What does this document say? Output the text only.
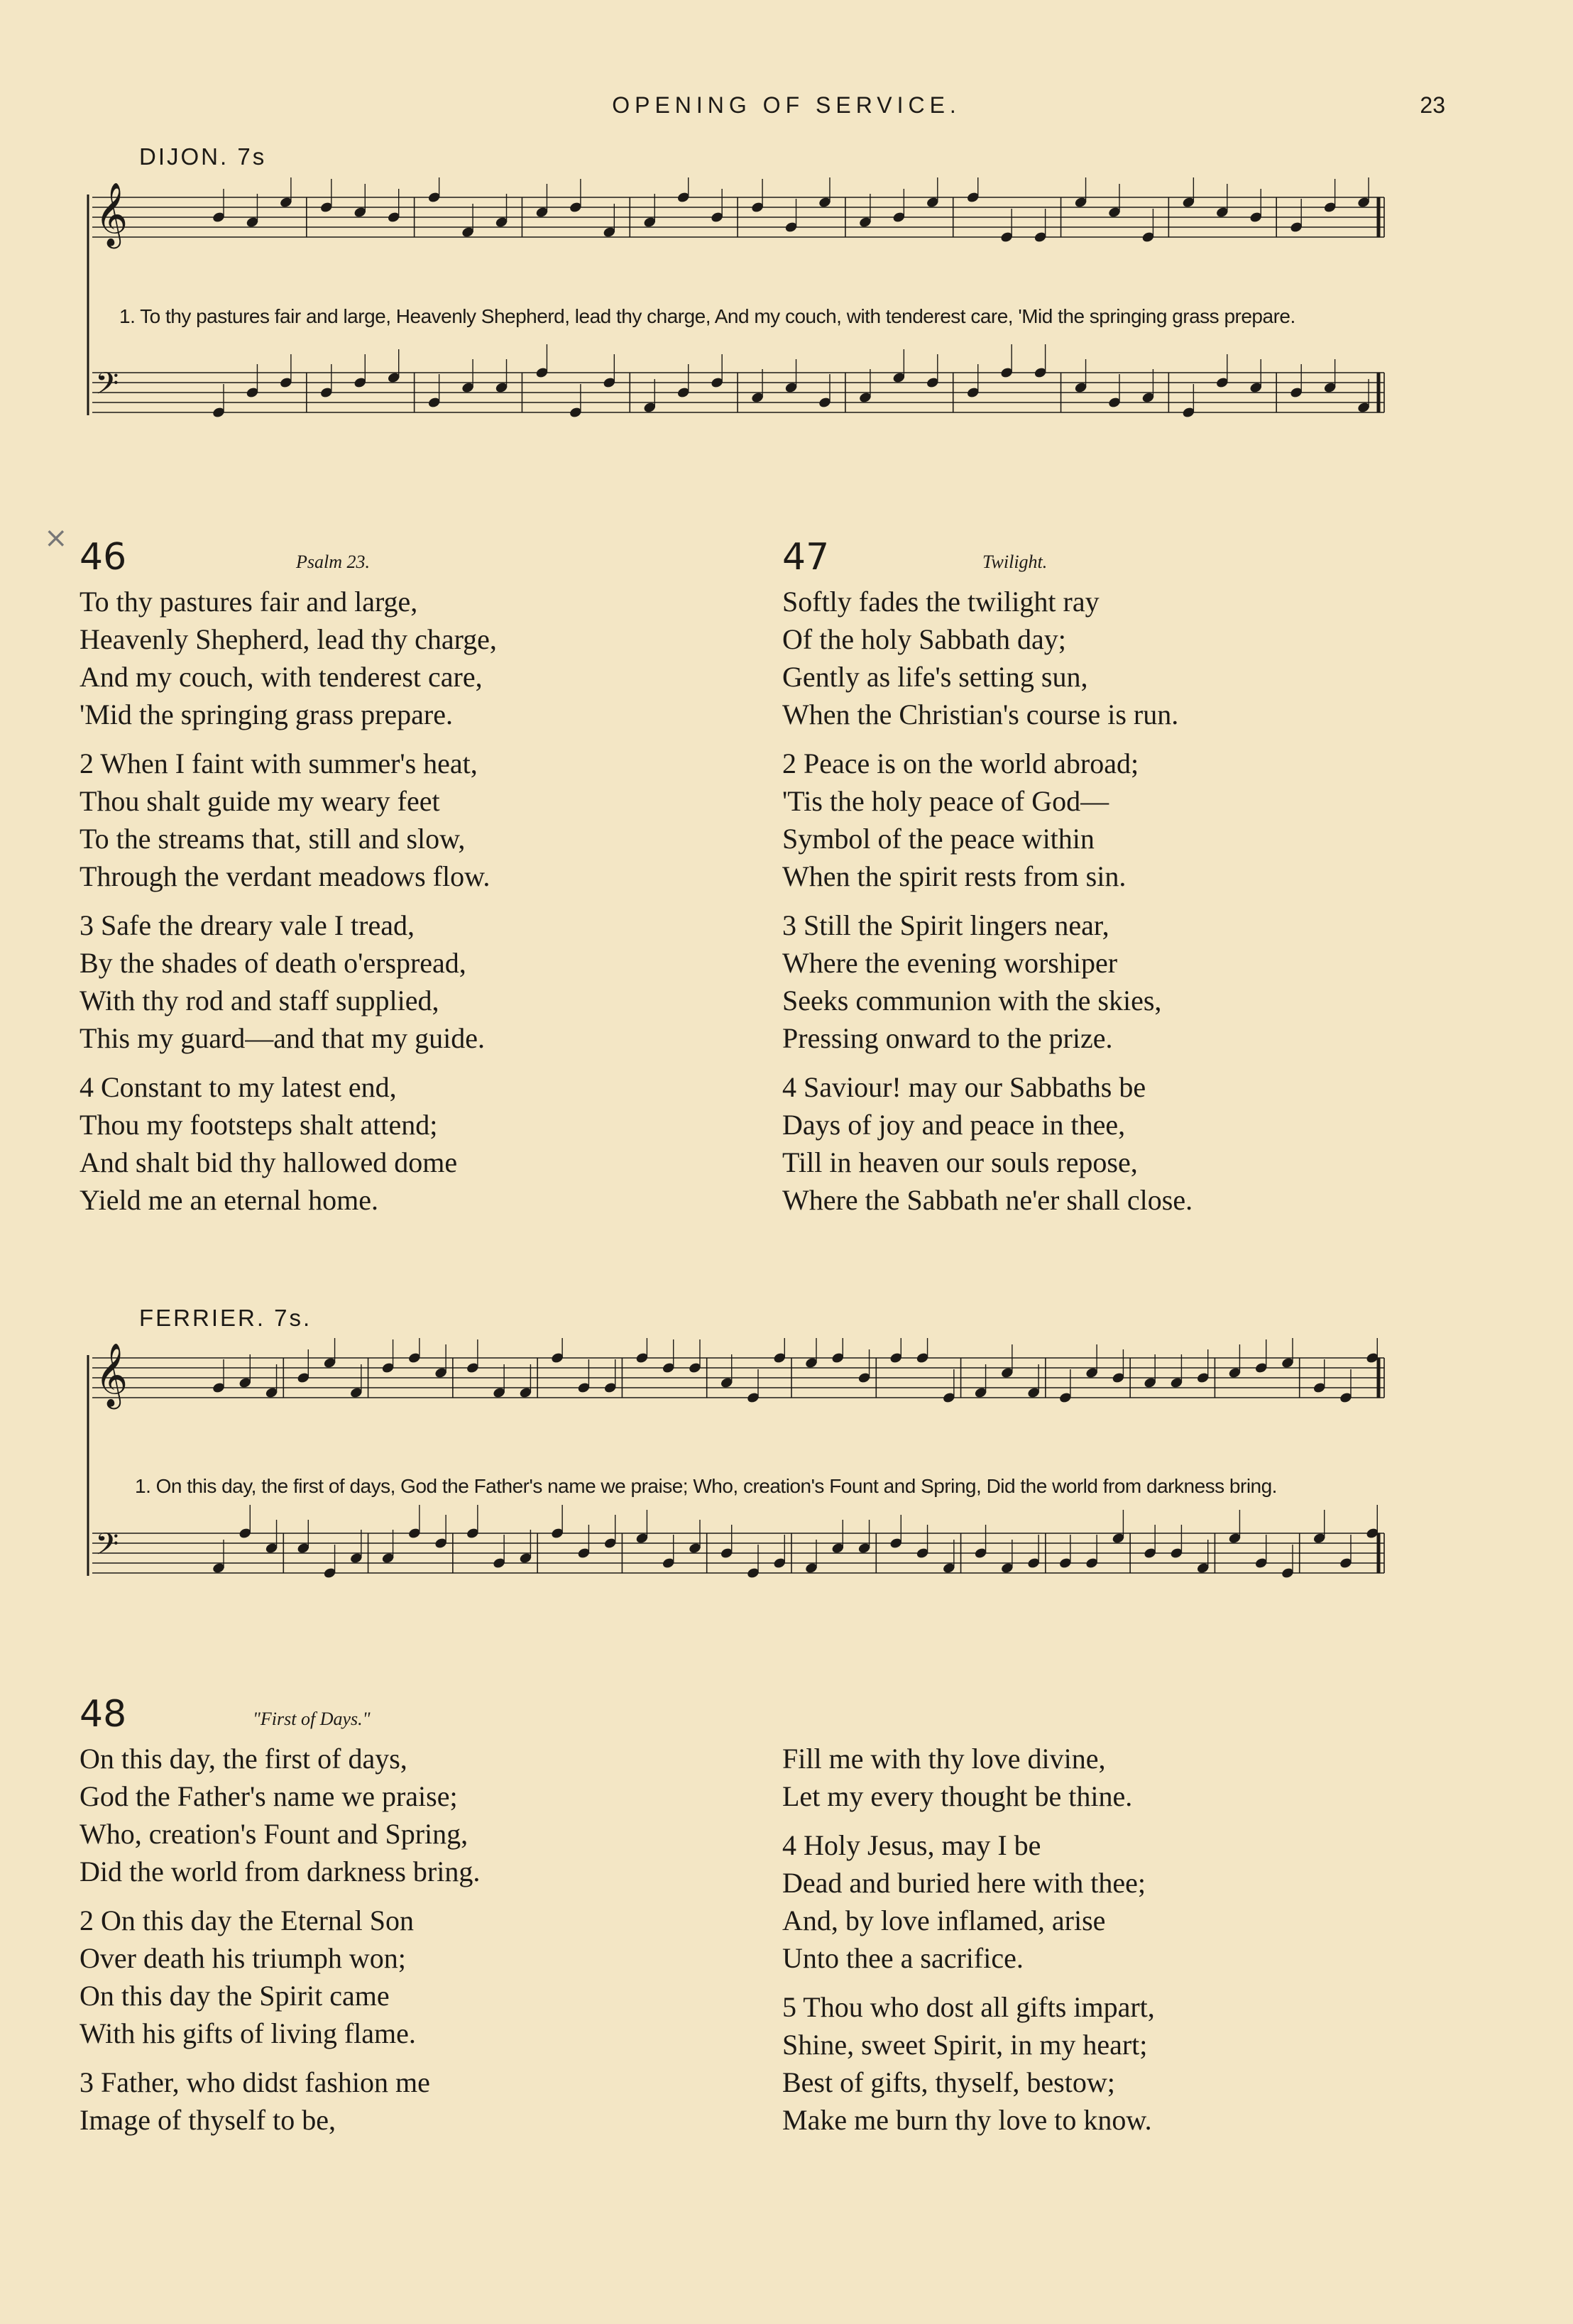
OPENING OF SERVICE.	23
DIJON. 7s
𝄞
𝄢
1. To thy pastures fair and large, Heavenly Shepherd, lead thy charge, And my couch, with tenderest care, 'Mid the springing grass prepare.
× 46	Psalm 23.
To thy pastures fair and large,
Heavenly Shepherd, lead thy charge,
And my couch, with tenderest care,
'Mid the springing grass prepare.
2 When I faint with summer's heat,
Thou shalt guide my weary feet
To the streams that, still and slow,
Through the verdant meadows flow.
3 Safe the dreary vale I tread,
By the shades of death o'erspread,
With thy rod and staff supplied,
This my guard—and that my guide.
4 Constant to my latest end,
Thou my footsteps shalt attend;
And shalt bid thy hallowed dome
Yield me an eternal home.
47	Twilight.
Softly fades the twilight ray
Of the holy Sabbath day;
Gently as life's setting sun,
When the Christian's course is run.
2 Peace is on the world abroad;
'Tis the holy peace of God—
Symbol of the peace within
When the spirit rests from sin.
3 Still the Spirit lingers near,
Where the evening worshiper
Seeks communion with the skies,
Pressing onward to the prize.
4 Saviour! may our Sabbaths be
Days of joy and peace in thee,
Till in heaven our souls repose,
Where the Sabbath ne'er shall close.
FERRIER. 7s.
𝄞
𝄢
1. On this day, the first of days, God the Father's name we praise; Who, creation's Fount and Spring, Did the world from darkness bring.
48	"First of Days."
On this day, the first of days,
God the Father's name we praise;
Who, creation's Fount and Spring,
Did the world from darkness bring.
2 On this day the Eternal Son
Over death his triumph won;
On this day the Spirit came
With his gifts of living flame.
3 Father, who didst fashion me
Image of thyself to be,
Fill me with thy love divine,
Let my every thought be thine.
4 Holy Jesus, may I be
Dead and buried here with thee;
And, by love inflamed, arise
Unto thee a sacrifice.
5 Thou who dost all gifts impart,
Shine, sweet Spirit, in my heart;
Best of gifts, thyself, bestow;
Make me burn thy love to know.
